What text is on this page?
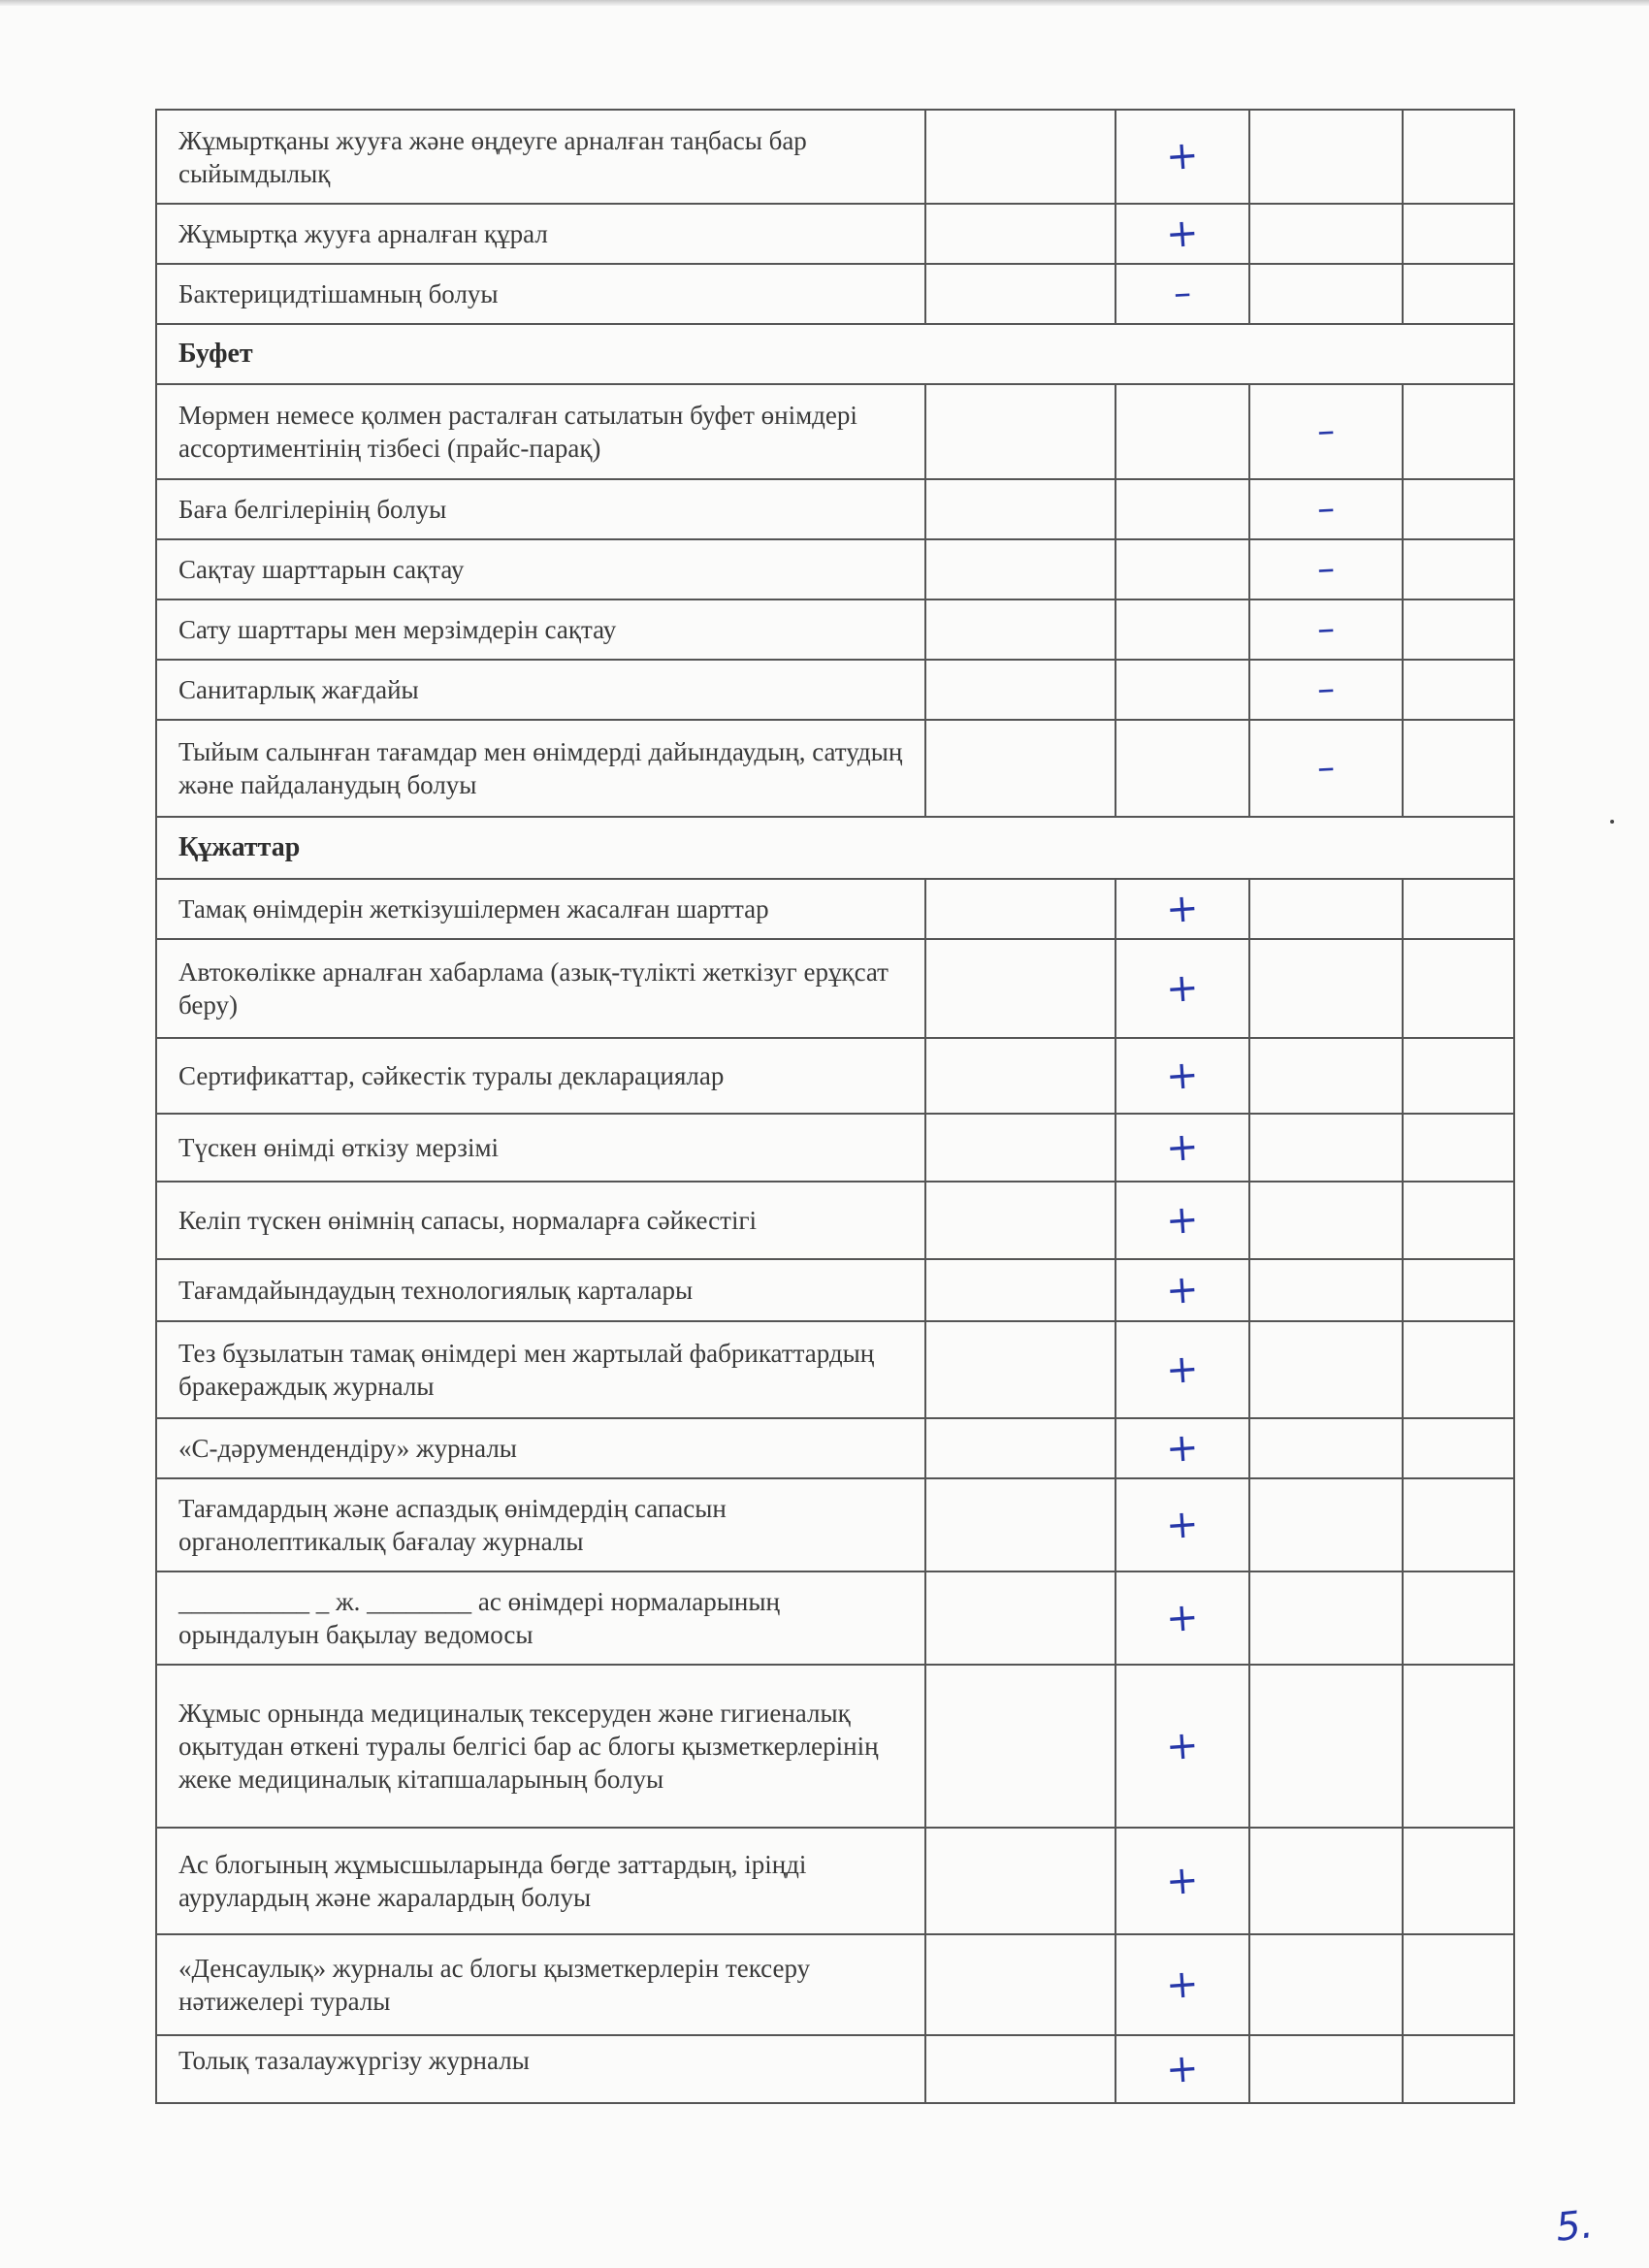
Жұмыртқаны жууға және өңдеуге арналған таңбасы бар сыйымдылық		+		
Жұмыртқа жууға арналған құрал		+		
Бактерицидтішамның болуы		–		
Буфет				
Мөрмен немесе қолмен расталған сатылатын буфет өнімдері ассортиментінің тізбесі (прайс-парақ)			–	
Баға белгілерінің болуы			–	
Сақтау шарттарын сақтау			–	
Сату шарттары мен мерзімдерін сақтау			–	
Санитарлық жағдайы			–	
Тыйым салынған тағамдар мен өнімдерді дайындаудың, сатудың және пайдаланудың болуы			–	
Құжаттар				
Тамақ өнімдерін жеткізушілермен жасалған шарттар		+		
Автокөлікке арналған хабарлама (азық-түлікті жеткізуг ерұқсат беру)		+		
Сертификаттар, сәйкестік туралы декларациялар		+		
Түскен өнімді өткізу мерзімі		+		
Келіп түскен өнімнің сапасы, нормаларға сәйкестігі		+		
Тағамдайындаудың технологиялық карталары		+		
Тез бұзылатын тамақ өнімдері мен жартылай фабрикаттардың бракераждық журналы		+		
«С-дәрумендендіру» журналы		+		
Тағамдардың және аспаздық өнімдердің сапасын органолептикалық бағалау журналы		+		
__________ _ ж. ________ ас өнімдері нормаларының орындалуын бақылау ведомосы		+		
Жұмыс орнында медициналық тексеруден және гигиеналық оқытудан өткені туралы белгісі бар ас блогы қызметкерлерінің жеке медициналық кітапшаларының болуы		+		
Ас блогының жұмысшыларында бөгде заттардың, іріңді аурулардың және жаралардың болуы		+		
«Денсаулық» журналы ас блогы қызметкерлерін тексеру нәтижелері туралы		+		
Толық тазалаужүргізу журналы		+		
5.
